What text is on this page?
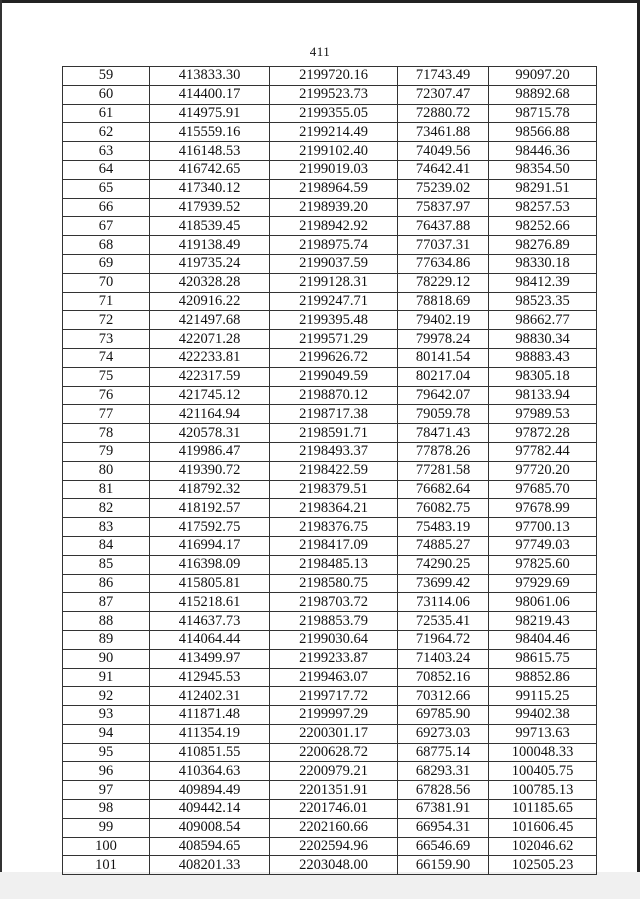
411
59	413833.30	2199720.16	71743.49	99097.20
60	414400.17	2199523.73	72307.47	98892.68
61	414975.91	2199355.05	72880.72	98715.78
62	415559.16	2199214.49	73461.88	98566.88
63	416148.53	2199102.40	74049.56	98446.36
64	416742.65	2199019.03	74642.41	98354.50
65	417340.12	2198964.59	75239.02	98291.51
66	417939.52	2198939.20	75837.97	98257.53
67	418539.45	2198942.92	76437.88	98252.66
68	419138.49	2198975.74	77037.31	98276.89
69	419735.24	2199037.59	77634.86	98330.18
70	420328.28	2199128.31	78229.12	98412.39
71	420916.22	2199247.71	78818.69	98523.35
72	421497.68	2199395.48	79402.19	98662.77
73	422071.28	2199571.29	79978.24	98830.34
74	422233.81	2199626.72	80141.54	98883.43
75	422317.59	2199049.59	80217.04	98305.18
76	421745.12	2198870.12	79642.07	98133.94
77	421164.94	2198717.38	79059.78	97989.53
78	420578.31	2198591.71	78471.43	97872.28
79	419986.47	2198493.37	77878.26	97782.44
80	419390.72	2198422.59	77281.58	97720.20
81	418792.32	2198379.51	76682.64	97685.70
82	418192.57	2198364.21	76082.75	97678.99
83	417592.75	2198376.75	75483.19	97700.13
84	416994.17	2198417.09	74885.27	97749.03
85	416398.09	2198485.13	74290.25	97825.60
86	415805.81	2198580.75	73699.42	97929.69
87	415218.61	2198703.72	73114.06	98061.06
88	414637.73	2198853.79	72535.41	98219.43
89	414064.44	2199030.64	71964.72	98404.46
90	413499.97	2199233.87	71403.24	98615.75
91	412945.53	2199463.07	70852.16	98852.86
92	412402.31	2199717.72	70312.66	99115.25
93	411871.48	2199997.29	69785.90	99402.38
94	411354.19	2200301.17	69273.03	99713.63
95	410851.55	2200628.72	68775.14	100048.33
96	410364.63	2200979.21	68293.31	100405.75
97	409894.49	2201351.91	67828.56	100785.13
98	409442.14	2201746.01	67381.91	101185.65
99	409008.54	2202160.66	66954.31	101606.45
100	408594.65	2202594.96	66546.69	102046.62
101	408201.33	2203048.00	66159.90	102505.23
